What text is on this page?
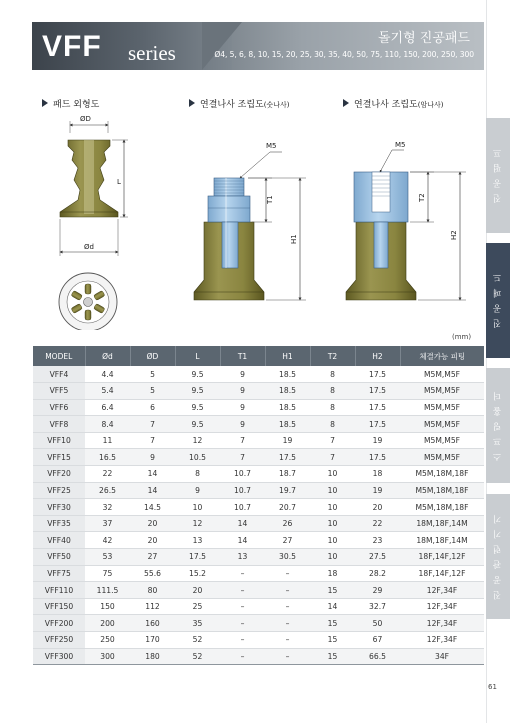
VFF series
돌기형 진공패드
Ø4, 5, 6, 8, 10, 15, 20, 25, 30, 35, 40, 50, 75, 110, 150, 200, 250, 300
진 공 펌 프
진 공 패 드
스 프 링 홀 더
진 공 관 련 기 기
패드 외형도	연결나사 조립도(숫나사)	연결나사 조립도(암나사)
ØD
L
Ød
M5
T1
H1
M5
T2
H2
(mm)
MODEL	Ød	ØD	L	T1	H1	T2	H2	체결가능 피팅
VFF4	4.4	5	9.5	9	18.5	8	17.5	M5M,M5F
VFF5	5.4	5	9.5	9	18.5	8	17.5	M5M,M5F
VFF6	6.4	6	9.5	9	18.5	8	17.5	M5M,M5F
VFF8	8.4	7	9.5	9	18.5	8	17.5	M5M,M5F
VFF10	11	7	12	7	19	7	19	M5M,M5F
VFF15	16.5	9	10.5	7	17.5	7	17.5	M5M,M5F
VFF20	22	14	8	10.7	18.7	10	18	M5M,18M,18F
VFF25	26.5	14	9	10.7	19.7	10	19	M5M,18M,18F
VFF30	32	14.5	10	10.7	20.7	10	20	M5M,18M,18F
VFF35	37	20	12	14	26	10	22	18M,18F,14M
VFF40	42	20	13	14	27	10	23	18M,18F,14M
VFF50	53	27	17.5	13	30.5	10	27.5	18F,14F,12F
VFF75	75	55.6	15.2	–	–	18	28.2	18F,14F,12F
VFF110	111.5	80	20	–	–	15	29	12F,34F
VFF150	150	112	25	–	–	14	32.7	12F,34F
VFF200	200	160	35	–	–	15	50	12F,34F
VFF250	250	170	52	–	–	15	67	12F,34F
VFF300	300	180	52	–	–	15	66.5	34F
61
